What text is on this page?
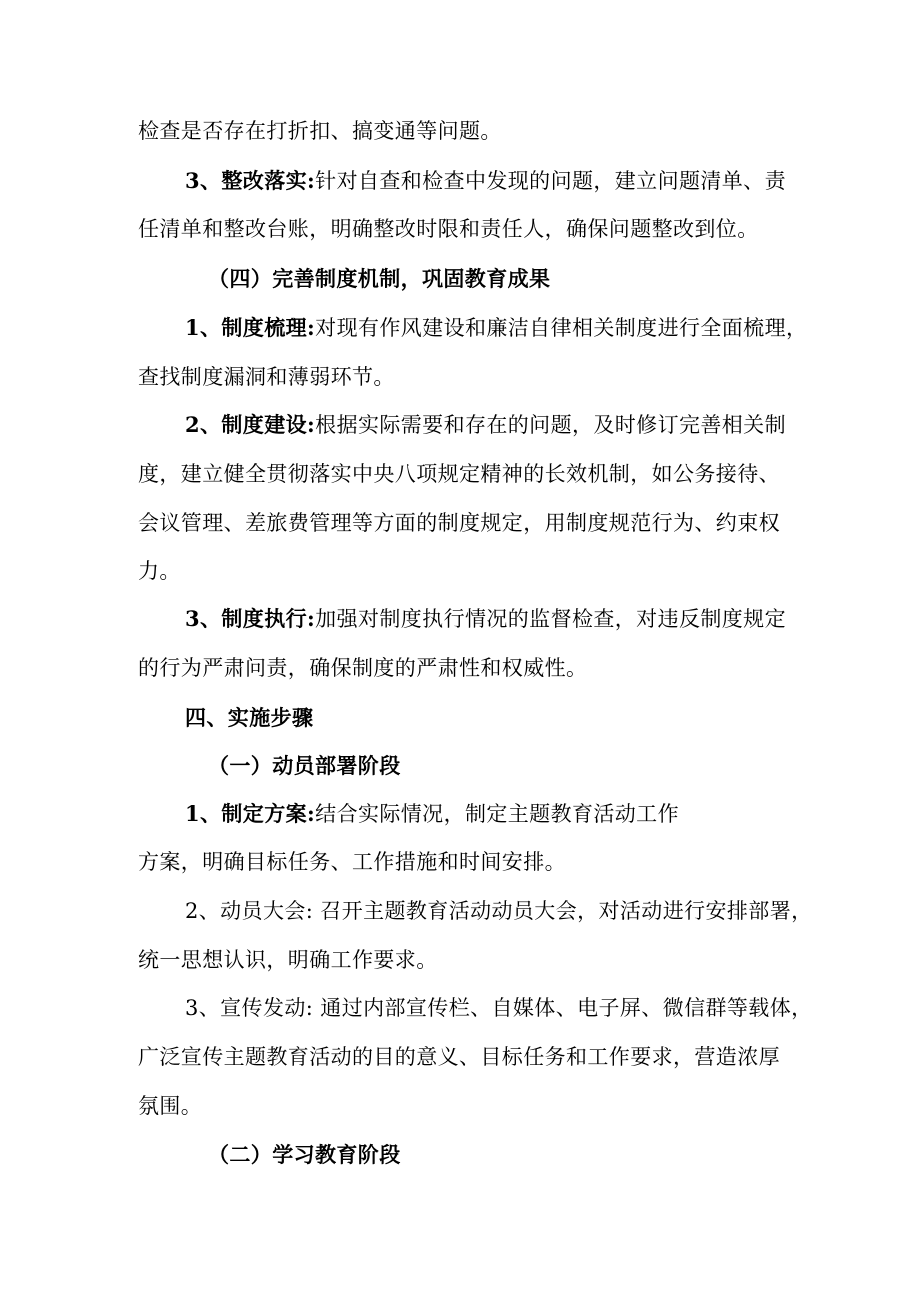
检查是否存在打折扣、搞变通等问题。

3、整改落实:针对自查和检查中发现的问题，建立问题清单、责

任清单和整改台账，明确整改时限和责任人，确保问题整改到位。

（四）完善制度机制，巩固教育成果

1、制度梳理:对现有作风建设和廉洁自律相关制度进行全面梳理，

查找制度漏洞和薄弱环节。

2、制度建设:根据实际需要和存在的问题，及时修订完善相关制

度，建立健全贯彻落实中央八项规定精神的长效机制，如公务接待、

会议管理、差旅费管理等方面的制度规定，用制度规范行为、约束权

力。

3、制度执行:加强对制度执行情况的监督检查，对违反制度规定

的行为严肃问责，确保制度的严肃性和权威性。

四、实施步骤

（一）动员部署阶段

1、制定方案:结合实际情况，制定主题教育活动工作

方案，明确目标任务、工作措施和时间安排。

2、动员大会: 召开主题教育活动动员大会，对活动进行安排部署，

统一思想认识，明确工作要求。

3、宣传发动: 通过内部宣传栏、自媒体、电子屏、微信群等载体，

广泛宣传主题教育活动的目的意义、目标任务和工作要求，营造浓厚

氛围。

（二）学习教育阶段
